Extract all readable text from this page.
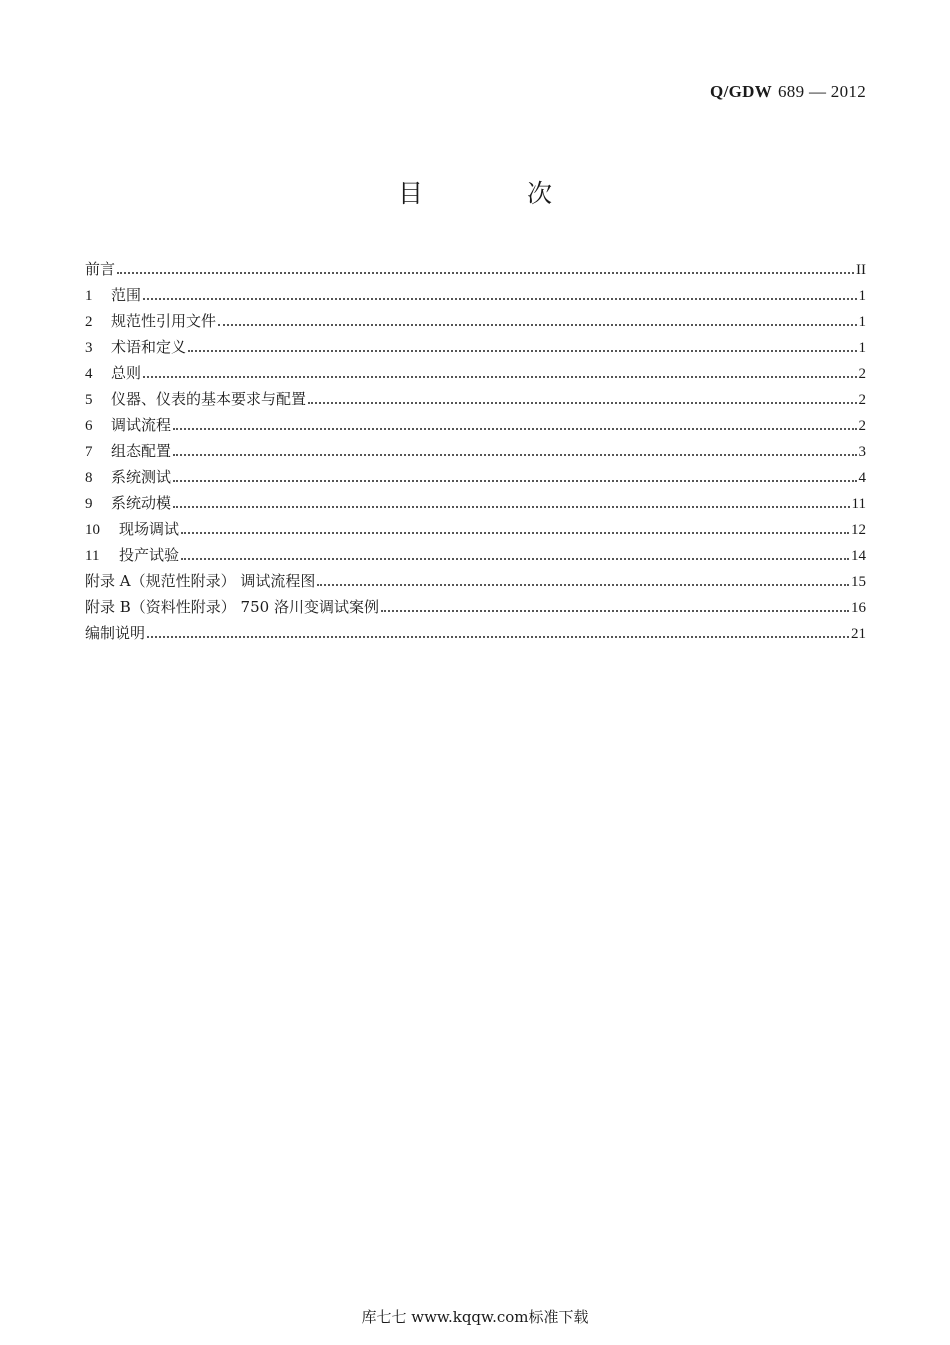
Q/GDW 689 — 2012
目 次
前言	II
1	范围	1
2	规范性引用文件	1
3	术语和定义	1
4	总则	2
5	仪器、仪表的基本要求与配置	2
6	调试流程	2
7	组态配置	3
8	系统测试	4
9	系统动模	11
10	现场调试	12
11	投产试验	14
附录 A（规范性附录） 调试流程图	15
附录 B（资料性附录） 750 洛川变调试案例	16
编制说明	21
库七七 www.kqqw.com标准下载
